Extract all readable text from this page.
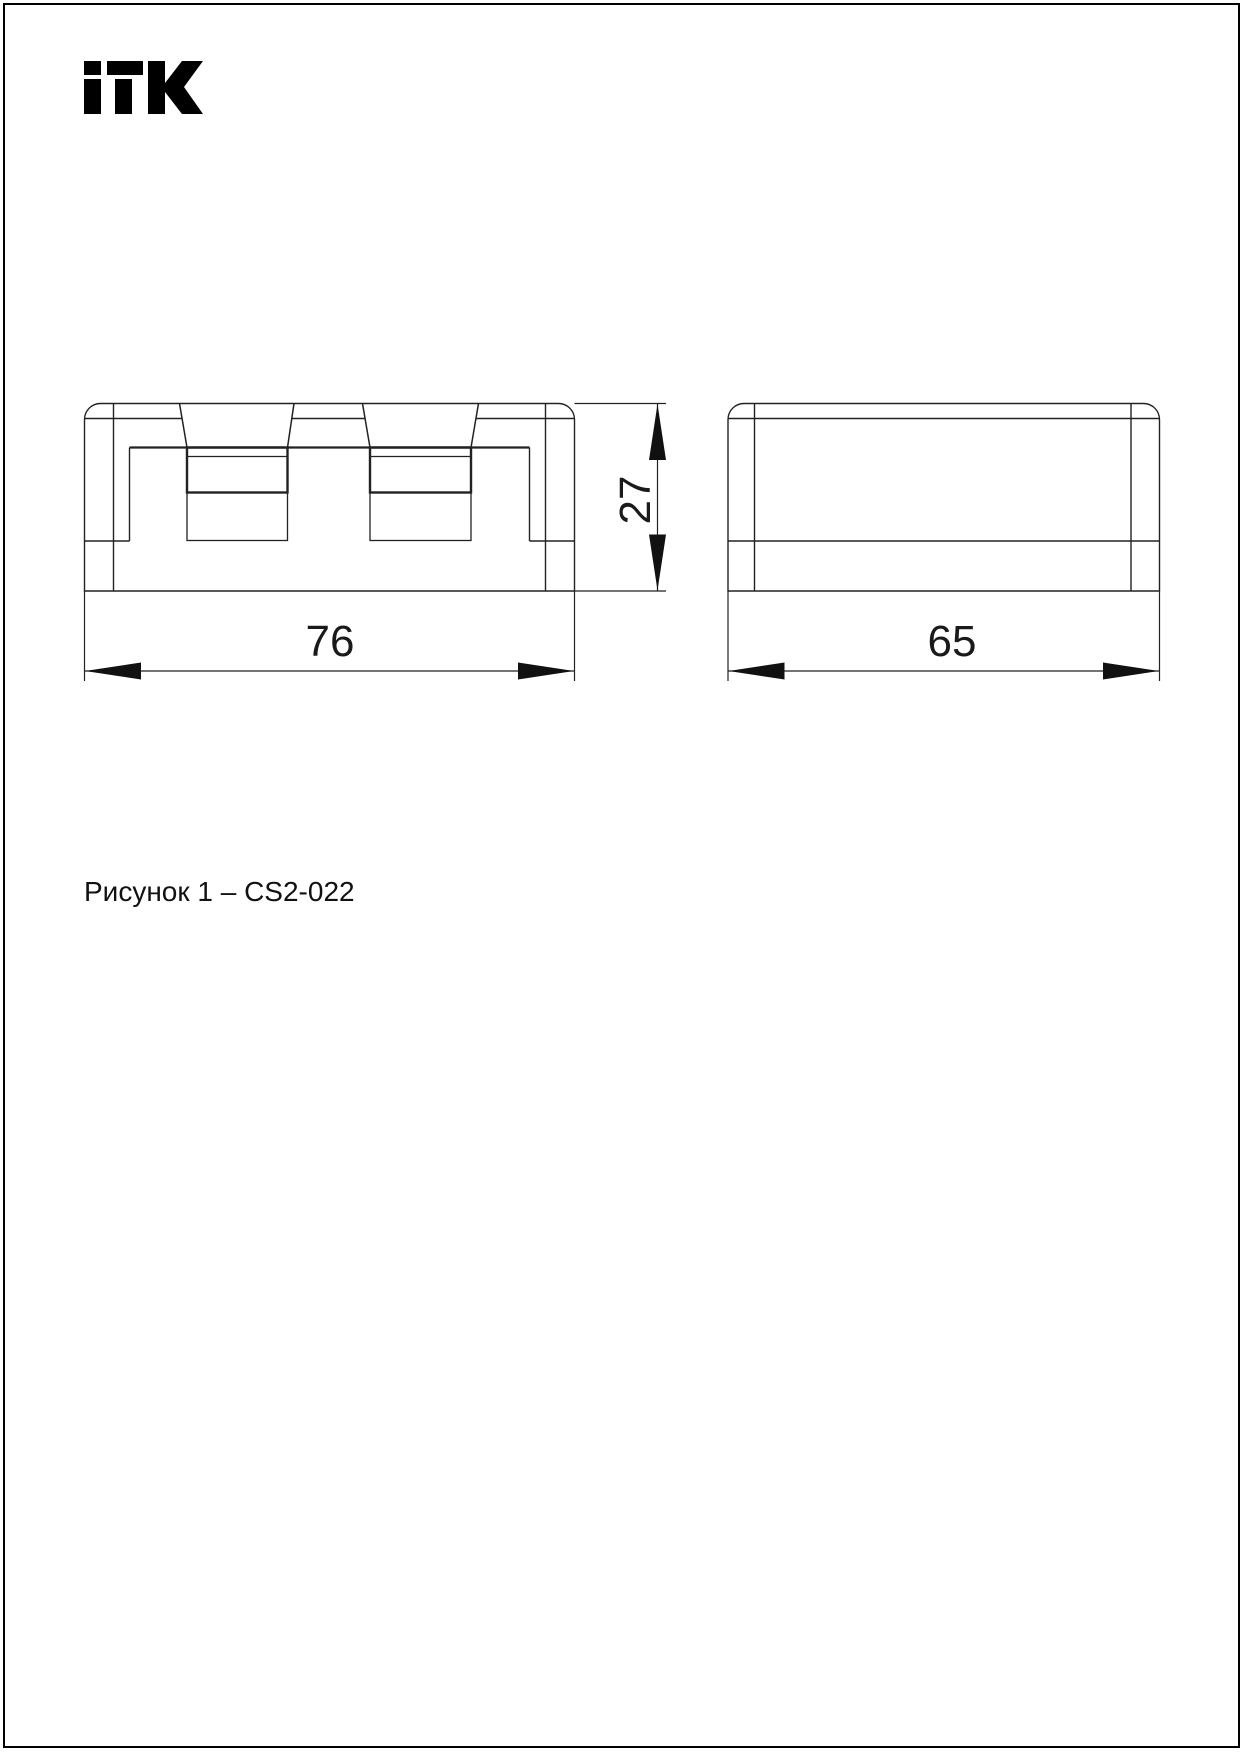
76	65
27
Рисунок 1 – CS2-022
